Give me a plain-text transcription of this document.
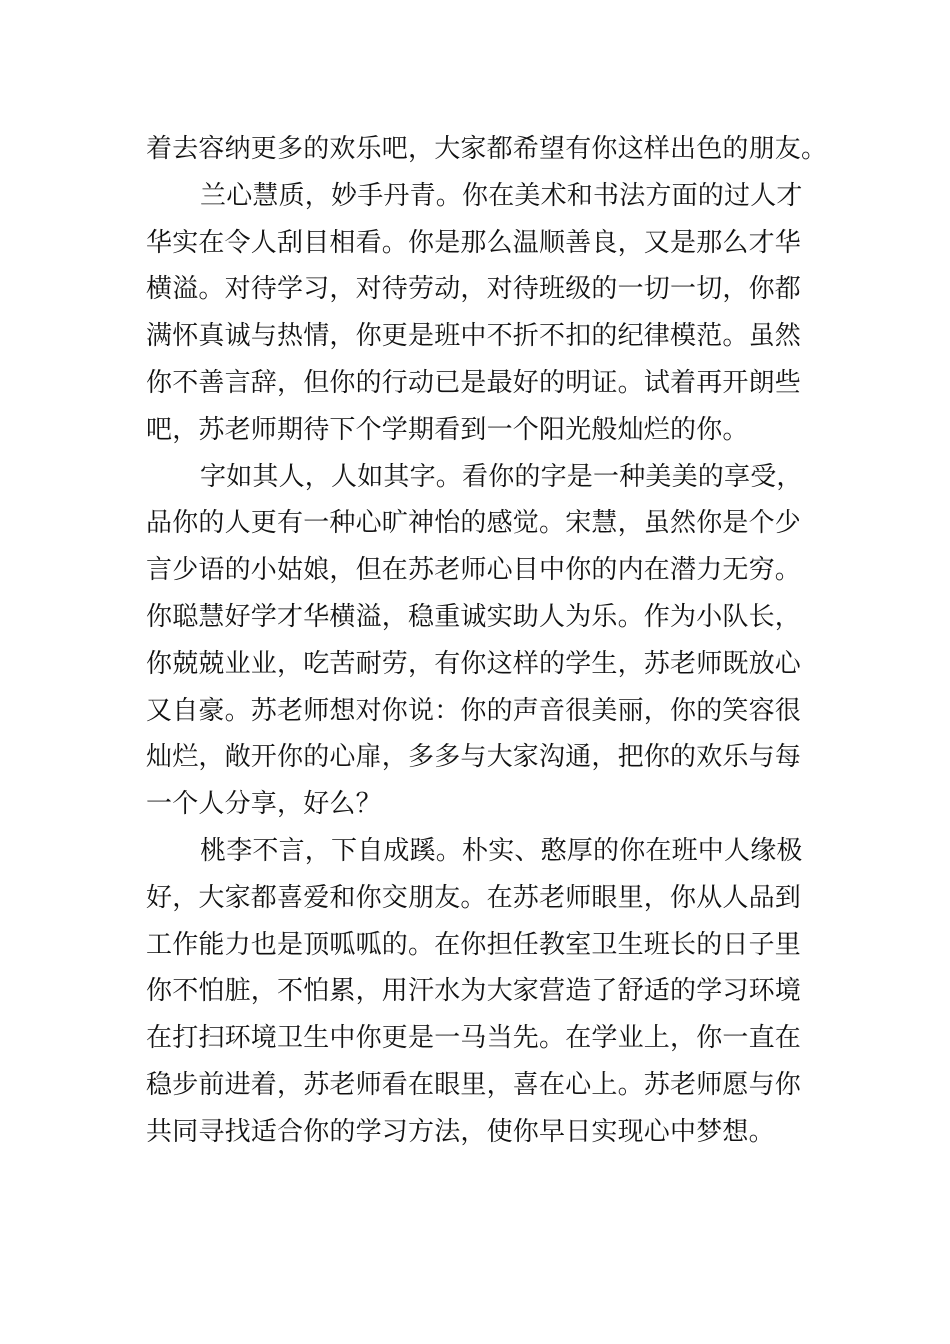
着去容纳更多的欢乐吧，大家都希望有你这样出色的朋友。
兰心慧质，妙手丹青。你在美术和书法方面的过人才
华实在令人刮目相看。你是那么温顺善良，又是那么才华
横溢。对待学习，对待劳动，对待班级的一切一切，你都
满怀真诚与热情，你更是班中不折不扣的纪律模范。虽然
你不善言辞，但你的行动已是最好的明证。试着再开朗些
吧，苏老师期待下个学期看到一个阳光般灿烂的你。
字如其人，人如其字。看你的字是一种美美的享受，
品你的人更有一种心旷神怡的感觉。宋慧，虽然你是个少
言少语的小姑娘，但在苏老师心目中你的内在潜力无穷。
你聪慧好学才华横溢，稳重诚实助人为乐。作为小队长，
你兢兢业业，吃苦耐劳，有你这样的学生，苏老师既放心
又自豪。苏老师想对你说：你的声音很美丽，你的笑容很
灿烂，敞开你的心扉，多多与大家沟通，把你的欢乐与每
一个人分享，好么？
桃李不言，下自成蹊。朴实、憨厚的你在班中人缘极
好，大家都喜爱和你交朋友。在苏老师眼里，你从人品到
工作能力也是顶呱呱的。在你担任教室卫生班长的日子里
你不怕脏，不怕累，用汗水为大家营造了舒适的学习环境
在打扫环境卫生中你更是一马当先。在学业上，你一直在
稳步前进着，苏老师看在眼里，喜在心上。苏老师愿与你
共同寻找适合你的学习方法，使你早日实现心中梦想。
